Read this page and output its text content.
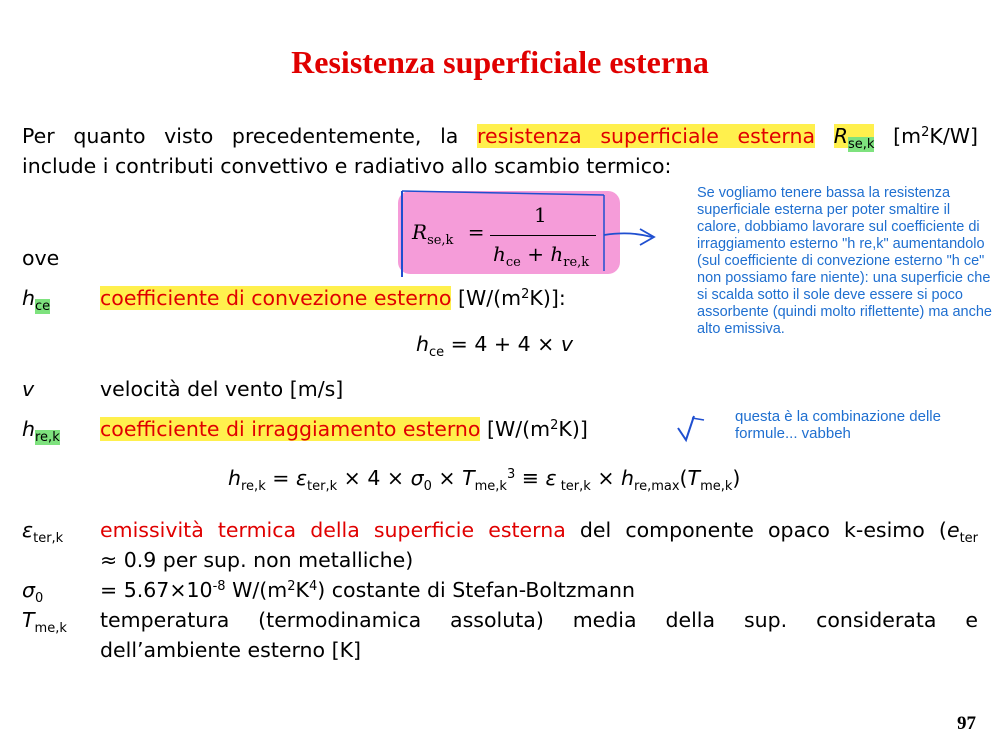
Resistenza superficiale esterna
Per quanto visto precedentemente, la resistenza superficiale esterna $R_{se,k}$ $[m^2K/W]$
include i contributi convettivo e radiativo allo scambio termico:
$R_{se,k}$ =
1
$h_{ce} + h_{re,k}$
Se vogliamo tenere bassa la resistenza superficiale esterna per poter smaltire il calore, dobbiamo lavorare sul coefficiente di irraggiamento esterno "h re,k" aumentandolo (sul coefficiente di convezione esterno "h ce" non possiamo fare niente): una superficie che si scalda sotto il sole deve essere si poco assorbente (quindi molto riflettente) ma anche alto emissiva.
ove
$h_{ce}$ coefficiente di convezione esterno $[W/(m^2K)]$:
$h_{ce} = 4 + 4 \times v$
v	velocità del vento [m/s]
$h_{re,k}$ coefficiente di irraggiamento esterno $[W/(m^2K)]$
questa è la combinazione delle formule... vabbeh
$h_{re,k} = \varepsilon_{ter,k} \times 4 \times \sigma_0 \times T_{me,k}^3 \equiv \varepsilon$ $_{ter,k} \times h_{re,max}(T_{me,k})$
$\varepsilon_{ter,k}$ emissività termica della superficie esterna del componente opaco k-esimo ($e_{ter}$
≈ 0.9 per sup. non metalliche)
$\sigma_0$	= $5.67\times 10^{-8}$ $W/(m^2K^4)$ costante di Stefan-Boltzmann
$T_{me,k}$ temperatura (termodinamica assoluta) media della sup. considerata e
dell’ambiente esterno [K]
97
